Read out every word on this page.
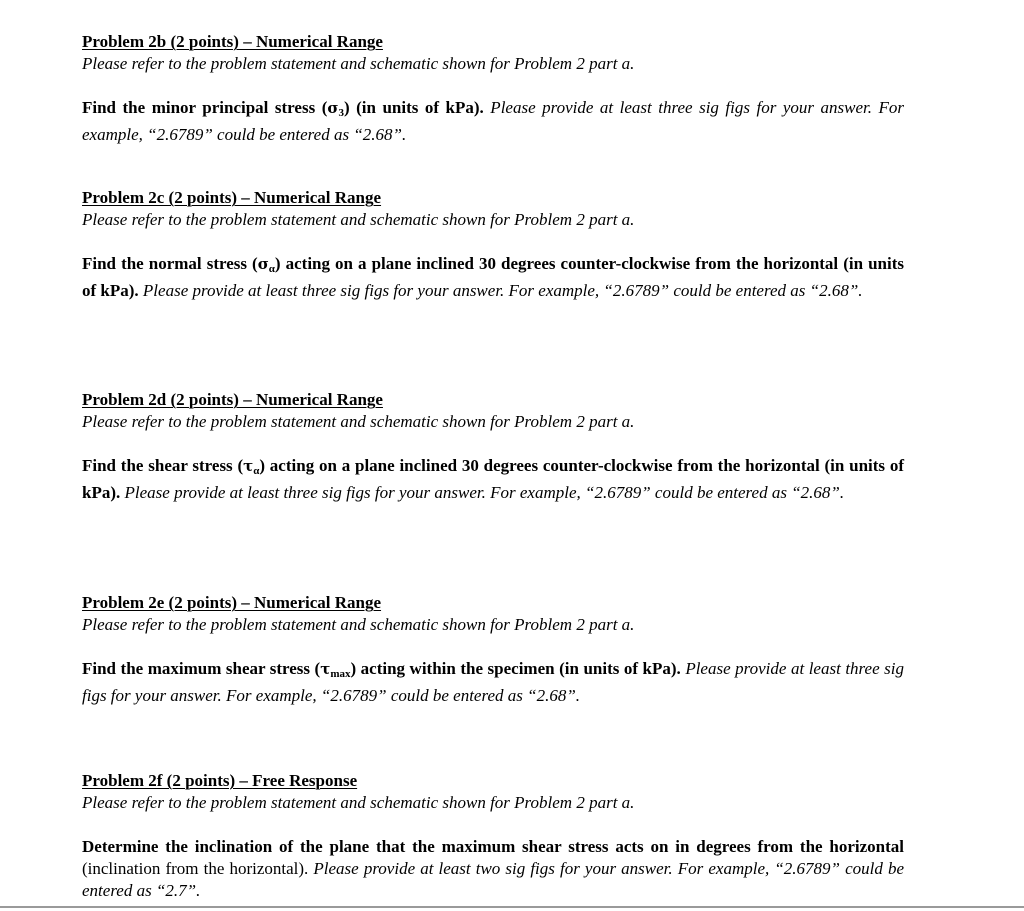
Problem 2b (2 points) – Numerical Range
Please refer to the problem statement and schematic shown for Problem 2 part a.
Find the minor principal stress $(\sigma_3)$ (in units of kPa). Please provide at least three sig figs for your answer. For example, “2.6789” could be entered as “2.68”.
Problem 2c (2 points) – Numerical Range
Please refer to the problem statement and schematic shown for Problem 2 part a.
Find the normal stress $(\sigma_\alpha)$ acting on a plane inclined 30 degrees counter-clockwise from the horizontal (in units of kPa). Please provide at least three sig figs for your answer. For example, “2.6789” could be entered as “2.68”.
Problem 2d (2 points) – Numerical Range
Please refer to the problem statement and schematic shown for Problem 2 part a.
Find the shear stress $(\tau_\alpha)$ acting on a plane inclined 30 degrees counter-clockwise from the horizontal (in units of kPa). Please provide at least three sig figs for your answer. For example, “2.6789” could be entered as “2.68”.
Problem 2e (2 points) – Numerical Range
Please refer to the problem statement and schematic shown for Problem 2 part a.
Find the maximum shear stress $(\tau_{max})$ acting within the specimen (in units of kPa). Please provide at least three sig figs for your answer. For example, “2.6789” could be entered as “2.68”.
Problem 2f (2 points) – Free Response
Please refer to the problem statement and schematic shown for Problem 2 part a.
Determine the inclination of the plane that the maximum shear stress acts on in degrees from the horizontal (inclination from the horizontal). Please provide at least two sig figs for your answer. For example, “2.6789” could be entered as “2.7”.
